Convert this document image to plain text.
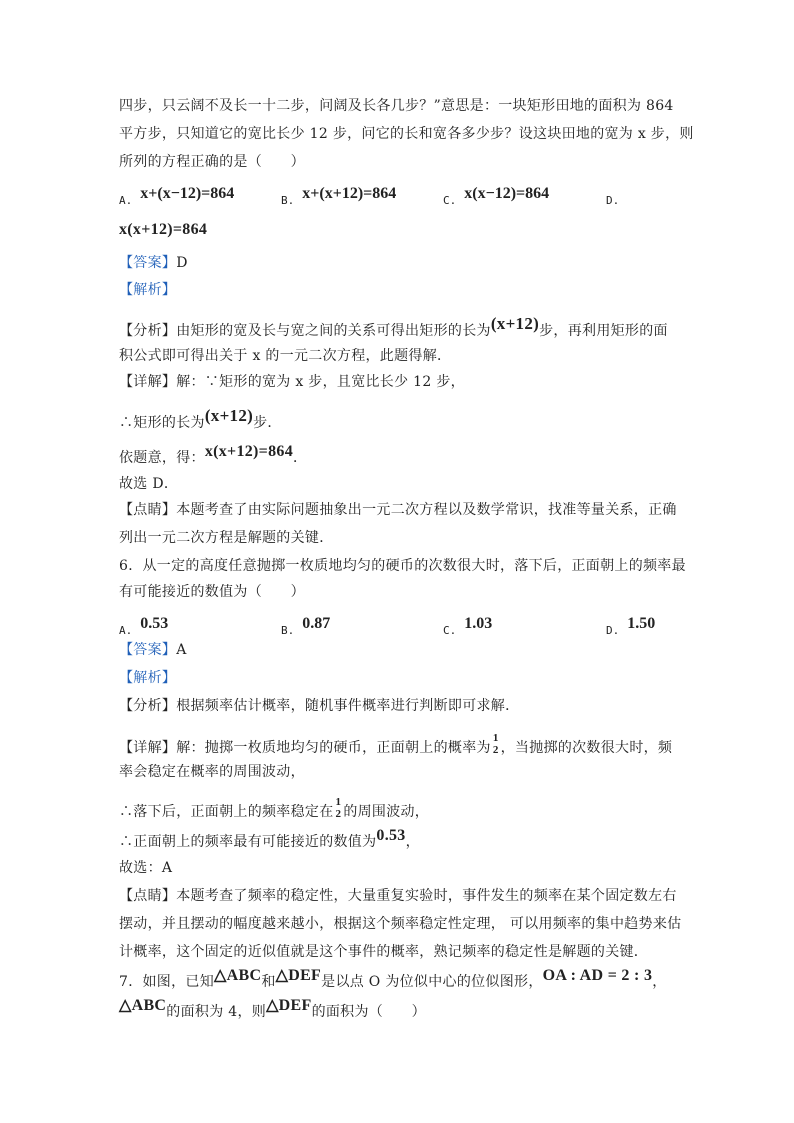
四步，只云阔不及长一十二步，问阔及长各几步？”意思是：一块矩形田地的面积为 864
平方步，只知道它的宽比长少 12 步，问它的长和宽各多少步？设这块田地的宽为 x 步，则
所列的方程正确的是（　　）
A. x+(x−12)=864	B. x+(x+12)=864	C. x(x−12)=864	D.
x(x+12)=864
【答案】D
【解析】
【分析】由矩形的宽及长与宽之间的关系可得出矩形的长为(x+12)步，再利用矩形的面
积公式即可得出关于 x 的一元二次方程，此题得解．
【详解】解：∵矩形的宽为 x 步，且宽比长少 12 步，
∴矩形的长为(x+12)步．
依题意，得：x(x+12)=864．
故选 D．
【点睛】本题考查了由实际问题抽象出一元二次方程以及数学常识，找准等量关系，正确
列出一元二次方程是解题的关键．
6．从一定的高度任意抛掷一枚质地均匀的硬币的次数很大时，落下后，正面朝上的频率最
有可能接近的数值为（　　）
A. 0.53	B. 0.87	C. 1.03	D. 1.50
【答案】A
【解析】
【分析】根据频率估计概率，随机事件概率进行判断即可求解．
【详解】解：抛掷一枚质地均匀的硬币，正面朝上的概率为
1
2 ，当抛掷的次数很大时，频
率会稳定在概率的周围波动，
∴落下后，正面朝上的频率稳定在
1
2 的周围波动，
∴正面朝上的频率最有可能接近的数值为0.53，
故选：A
【点睛】本题考查了频率的稳定性，大量重复实验时，事件发生的频率在某个固定数左右
摆动，并且摆动的幅度越来越小，根据这个频率稳定性定理， 可以用频率的集中趋势来估
计概率，这个固定的近似值就是这个事件的概率，熟记频率的稳定性是解题的关键．
7．如图，已知△ABC和△DEF是以点 O 为位似中心的位似图形，OA : AD = 2 : 3，
△ABC的面积为 4，则△DEF的面积为（　　）
